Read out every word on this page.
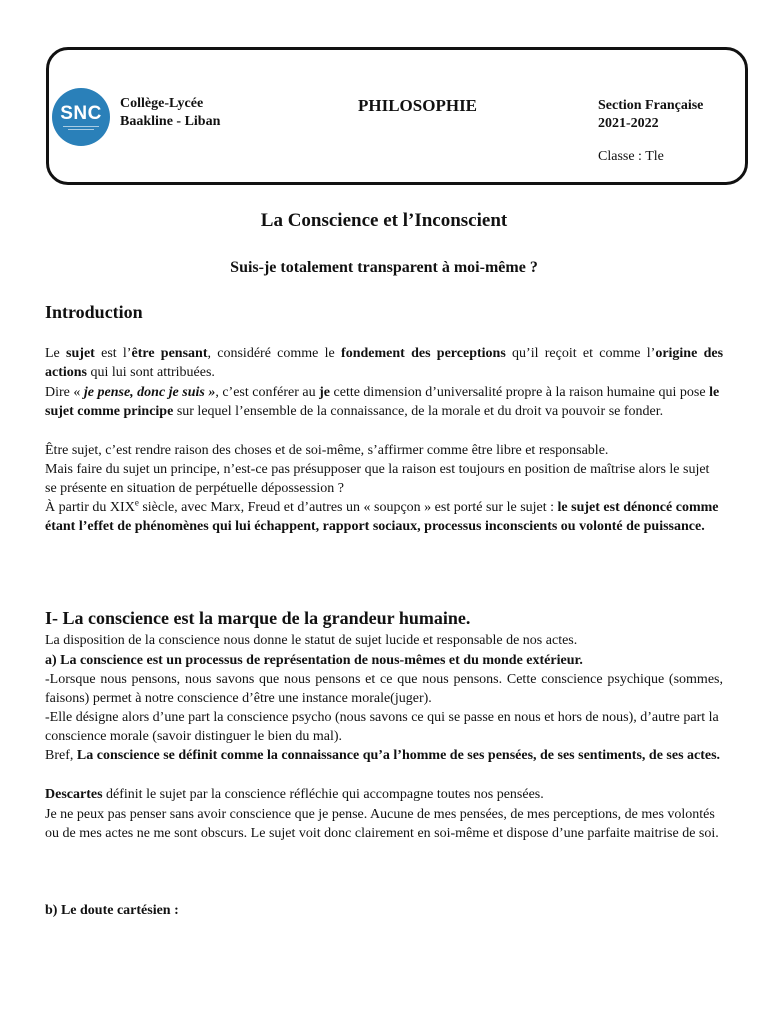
SNC Collège-Lycée
Baakline - Liban
PHILOSOPHIE	Section Française
2021-2022
Classe : Tle
La Conscience et l’Inconscient
Suis-je totalement transparent à moi-même ?
Introduction

Le sujet est l’être pensant, considéré comme le fondement des perceptions qu’il reçoit et comme l’origine des actions qui lui sont attribuées.

Dire « je pense, donc je suis », c’est conférer au je cette dimension d’universalité propre à la raison humaine qui pose le sujet comme principe sur lequel l’ensemble de la connaissance, de la morale et du droit va pouvoir se fonder.

Être sujet, c’est rendre raison des choses et de soi-même, s’affirmer comme être libre et responsable.

Mais faire du sujet un principe, n’est-ce pas présupposer que la raison est toujours en position de maîtrise alors le sujet se présente en situation de perpétuelle dépossession ?

À partir du XIXe siècle, avec Marx, Freud et d’autres un « soupçon » est porté sur le sujet : le sujet est dénoncé comme étant l’effet de phénomènes qui lui échappent, rapport sociaux, processus inconscients ou volonté de puissance.

I- La conscience est la marque de la grandeur humaine.

La disposition de la conscience nous donne le statut de sujet lucide et responsable de nos actes.

a) La conscience est un processus de représentation de nous-mêmes et du monde extérieur.

-Lorsque nous pensons, nous savons que nous pensons et ce que nous pensons. Cette conscience psychique (sommes, faisons) permet à notre conscience d’être une instance morale(juger).

-Elle désigne alors d’une part la conscience psycho (nous savons ce qui se passe en nous et hors de nous), d’autre part la conscience morale (savoir distinguer le bien du mal).

Bref, La conscience se définit comme la connaissance qu’a l’homme de ses pensées, de ses sentiments, de ses actes.

Descartes définit le sujet par la conscience réfléchie qui accompagne toutes nos pensées.

Je ne peux pas penser sans avoir conscience que je pense. Aucune de mes pensées, de mes perceptions, de mes volontés ou de mes actes ne me sont obscurs. Le sujet voit donc clairement en soi-même et dispose d’une parfaite maitrise de soi.

b) Le doute cartésien :
